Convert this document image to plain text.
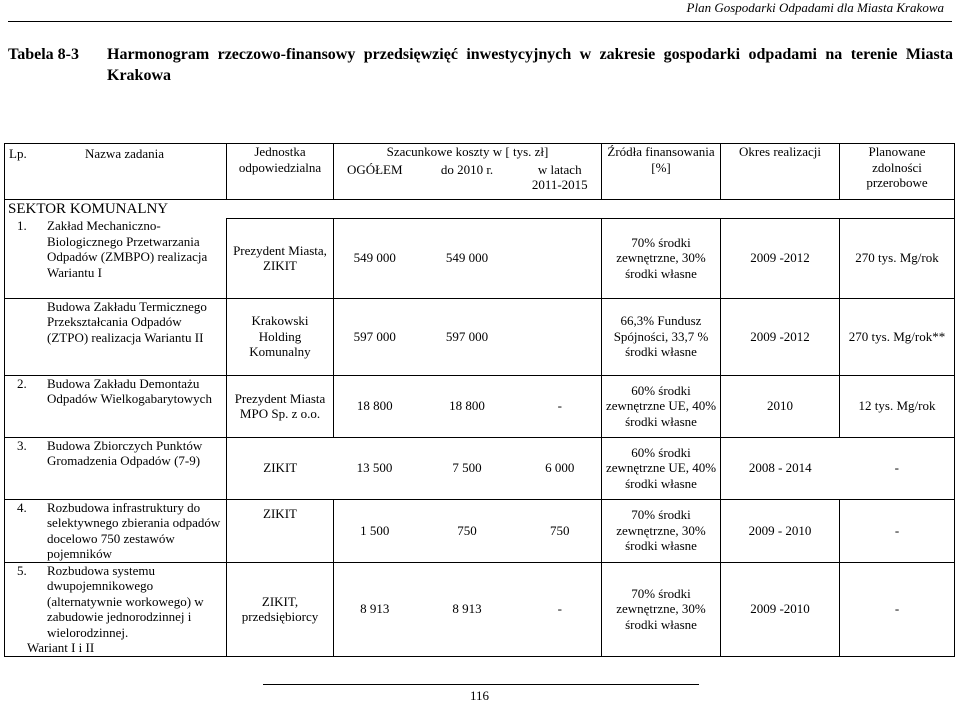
Plan Gospodarki Odpadami dla Miasta Krakowa
Tabela 8-3 Harmonogram rzeczowo-finansowy przedsięwzięć inwestycyjnych w zakresie gospodarki odpadami na terenie Miasta Krakowa
Lp. Nazwa zadania	Jednostka odpowiedzialna	Szacunkowe koszty w [ tys. zł]			Źródła finansowania [%]	Okres realizacji	Planowane zdolności przerobowe
		OGÓŁEM	do 2010 r.	w latach 2011-2015			
SEKTOR KOMUNALNY							

1. Zakład Mechaniczno-Biologicznego Przetwarzania Odpadów (ZMBPO) realizacja Wariantu I	Prezydent Miasta, ZIKIT	549 000	549 000		70% środki zewnętrzne, 30% środki własne	2009 -2012	270 tys. Mg/rok

Budowa Zakładu Termicznego Przekształcania Odpadów (ZTPO) realizacja Wariantu II	Krakowski Holding Komunalny	597 000	597 000		66,3% Fundusz Spójności, 33,7 % środki własne	2009 -2012	270 tys. Mg/rok**

2. Budowa Zakładu Demontażu Odpadów Wielkogabarytowych	Prezydent Miasta MPO Sp. z o.o.	18 800	18 800	-	60% środki zewnętrzne UE, 40% środki własne	2010	12 tys. Mg/rok

3. Budowa Zbiorczych Punktów Gromadzenia Odpadów (7-9)	ZIKIT	13 500	7 500	6 000	60% środki zewnętrzne UE, 40% środki własne	2008 - 2014	-

4. Rozbudowa infrastruktury do selektywnego zbierania odpadów docelowo 750 zestawów pojemników	ZIKIT	1 500	750	750	70% środki zewnętrzne, 30% środki własne	2009 - 2010	-

5. Rozbudowa systemu dwupojemnikowego (alternatywnie workowego) w zabudowie jednorodzinnej i wielorodzinnej.
Wariant I i II	ZIKIT, przedsiębiorcy	8 913	8 913	-	70% środki zewnętrzne, 30% środki własne	2009 -2010	-
116
